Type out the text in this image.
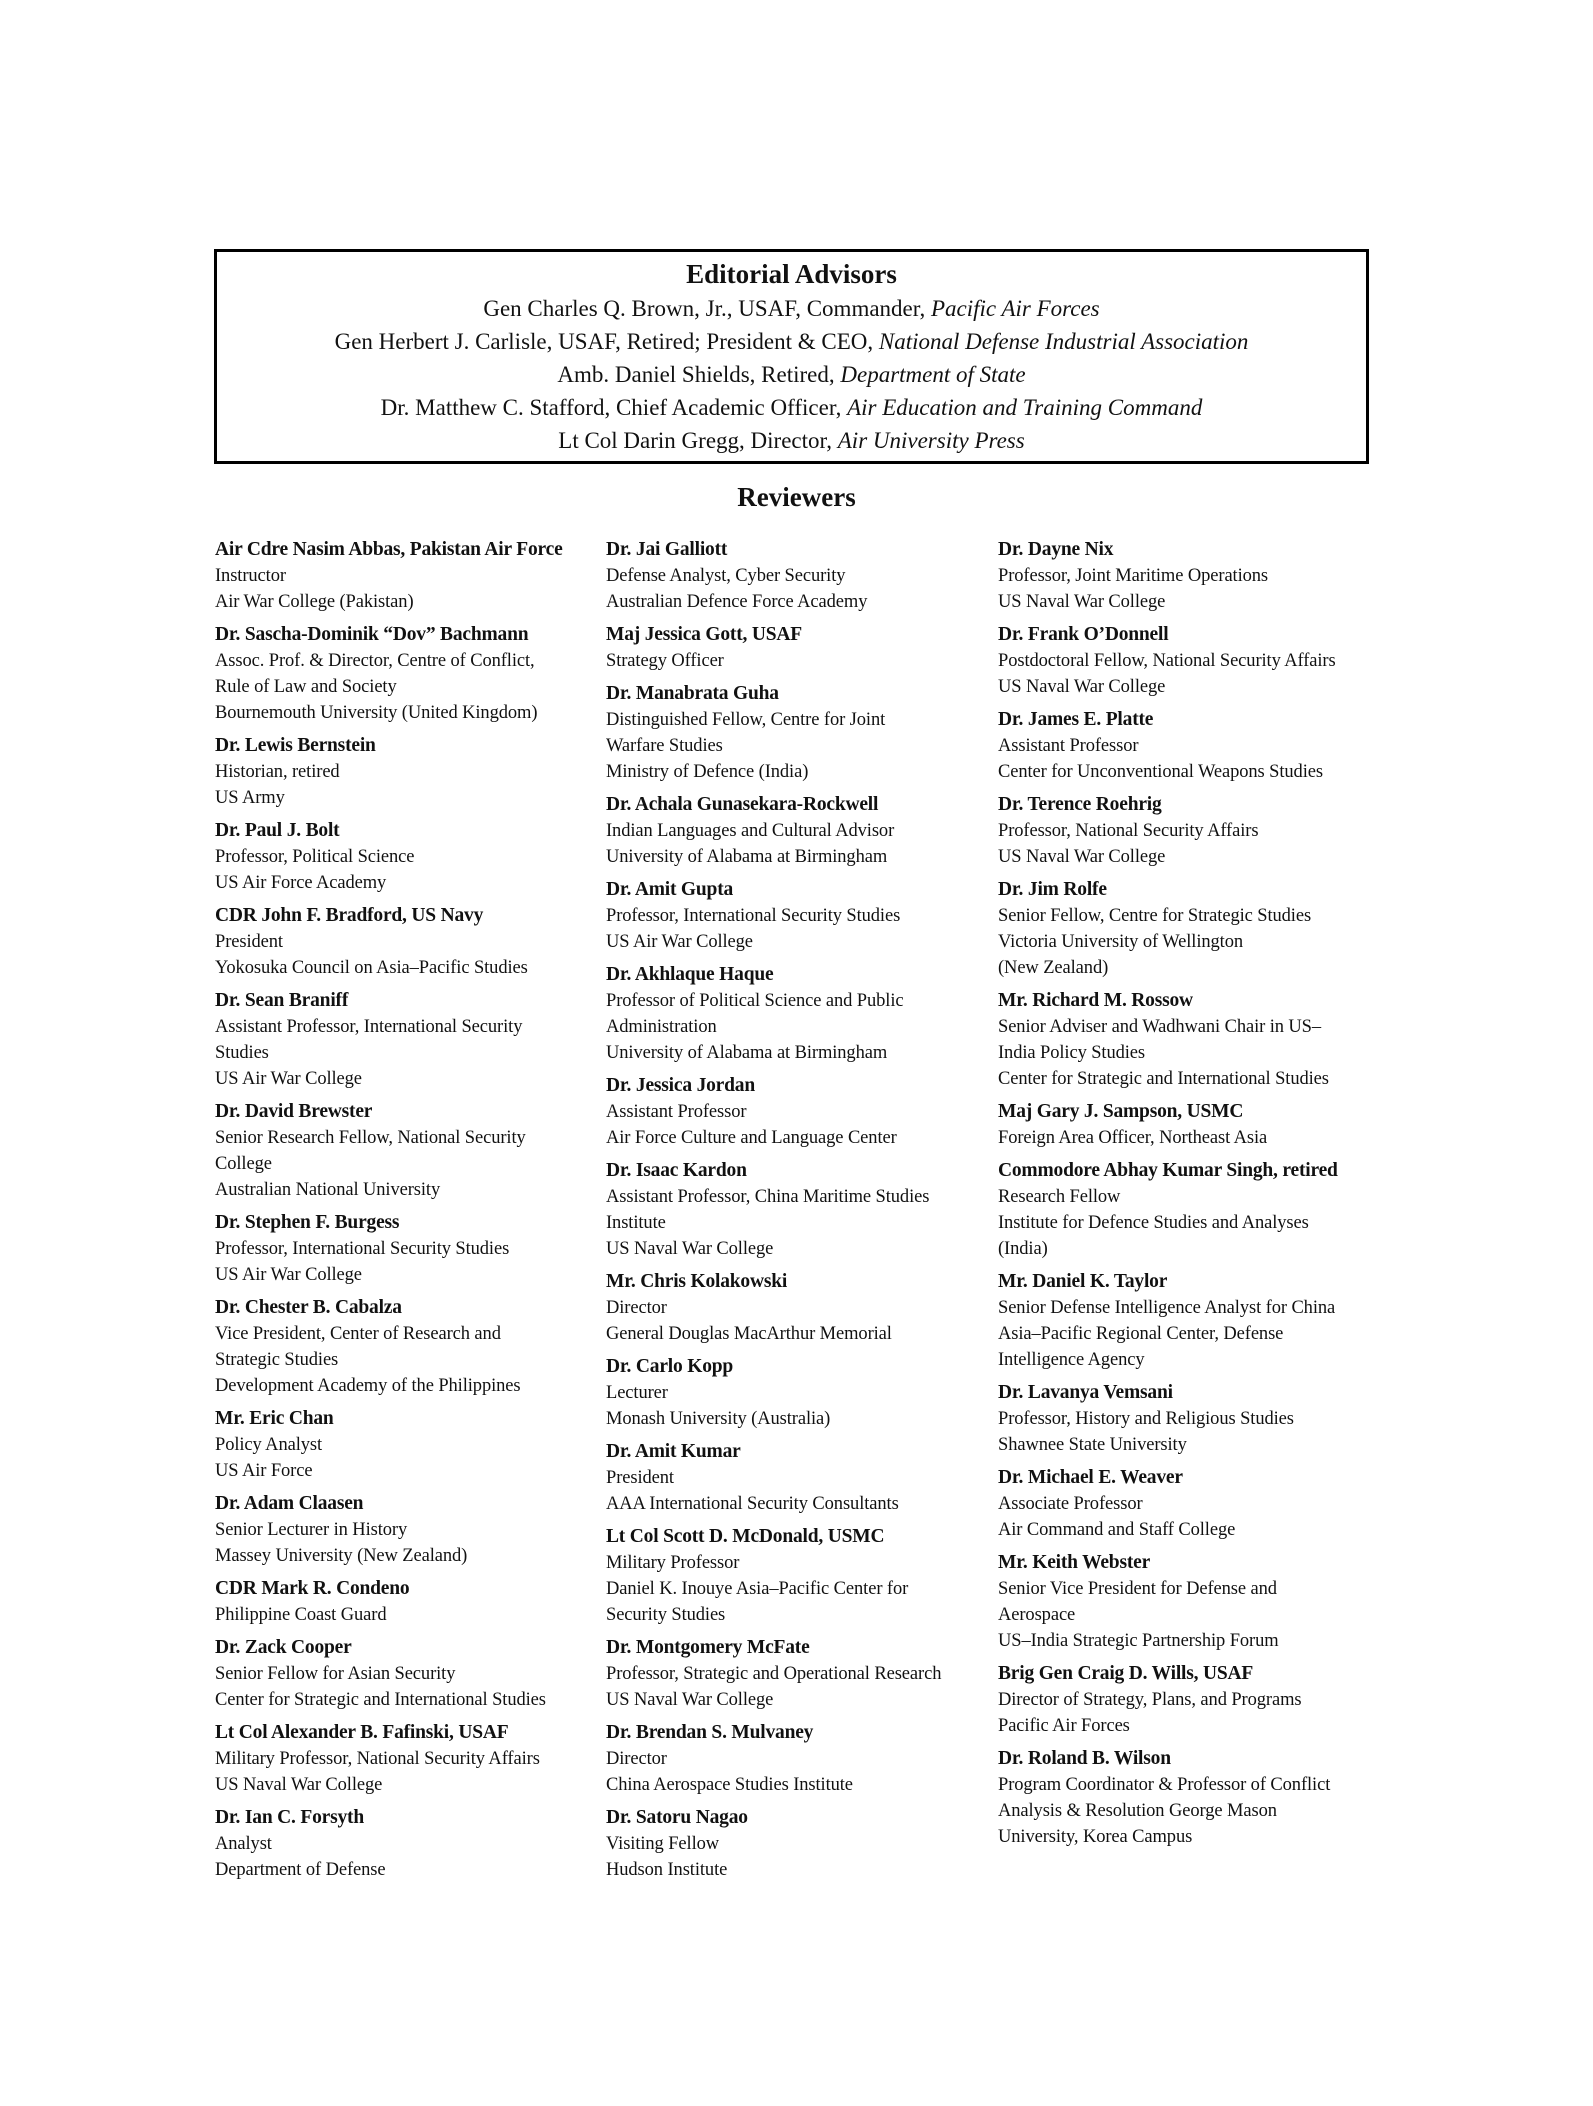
Editorial Advisors
Gen Charles Q. Brown, Jr., USAF, Commander, Pacific Air Forces
Gen Herbert J. Carlisle, USAF, Retired; President & CEO, National Defense Industrial Association
Amb. Daniel Shields, Retired, Department of State
Dr. Matthew C. Stafford, Chief Academic Officer, Air Education and Training Command
Lt Col Darin Gregg, Director, Air University Press
Reviewers
Air Cdre Nasim Abbas, Pakistan Air Force
Instructor
Air War College (Pakistan)
Dr. Sascha-Dominik “Dov” Bachmann
Assoc. Prof. & Director, Centre of Conflict,
Rule of Law and Society
Bournemouth University (United Kingdom)
Dr. Lewis Bernstein
Historian, retired
US Army
Dr. Paul J. Bolt
Professor, Political Science
US Air Force Academy
CDR John F. Bradford, US Navy
President
Yokosuka Council on Asia–Pacific Studies
Dr. Sean Braniff
Assistant Professor, International Security
Studies
US Air War College
Dr. David Brewster
Senior Research Fellow, National Security
College
Australian National University
Dr. Stephen F. Burgess
Professor, International Security Studies
US Air War College
Dr. Chester B. Cabalza
Vice President, Center of Research and
Strategic Studies
Development Academy of the Philippines
Mr. Eric Chan
Policy Analyst
US Air Force
Dr. Adam Claasen
Senior Lecturer in History
Massey University (New Zealand)
CDR Mark R. Condeno
Philippine Coast Guard
Dr. Zack Cooper
Senior Fellow for Asian Security
Center for Strategic and International Studies
Lt Col Alexander B. Fafinski, USAF
Military Professor, National Security Affairs
US Naval War College
Dr. Ian C. Forsyth
Analyst
Department of Defense
Dr. Jai Galliott
Defense Analyst, Cyber Security
Australian Defence Force Academy
Maj Jessica Gott, USAF
Strategy Officer
Dr. Manabrata Guha
Distinguished Fellow, Centre for Joint
Warfare Studies
Ministry of Defence (India)
Dr. Achala Gunasekara-Rockwell
Indian Languages and Cultural Advisor
University of Alabama at Birmingham
Dr. Amit Gupta
Professor, International Security Studies
US Air War College
Dr. Akhlaque Haque
Professor of Political Science and Public
Administration
University of Alabama at Birmingham
Dr. Jessica Jordan
Assistant Professor
Air Force Culture and Language Center
Dr. Isaac Kardon
Assistant Professor, China Maritime Studies
Institute
US Naval War College
Mr. Chris Kolakowski
Director
General Douglas MacArthur Memorial
Dr. Carlo Kopp
Lecturer
Monash University (Australia)
Dr. Amit Kumar
President
AAA International Security Consultants
Lt Col Scott D. McDonald, USMC
Military Professor
Daniel K. Inouye Asia–Pacific Center for
Security Studies
Dr. Montgomery McFate
Professor, Strategic and Operational Research
US Naval War College
Dr. Brendan S. Mulvaney
Director
China Aerospace Studies Institute
Dr. Satoru Nagao
Visiting Fellow
Hudson Institute
Dr. Dayne Nix
Professor, Joint Maritime Operations
US Naval War College
Dr. Frank O’Donnell
Postdoctoral Fellow, National Security Affairs
US Naval War College
Dr. James E. Platte
Assistant Professor
Center for Unconventional Weapons Studies
Dr. Terence Roehrig
Professor, National Security Affairs
US Naval War College
Dr. Jim Rolfe
Senior Fellow, Centre for Strategic Studies
Victoria University of Wellington
(New Zealand)
Mr. Richard M. Rossow
Senior Adviser and Wadhwani Chair in US–
India Policy Studies
Center for Strategic and International Studies
Maj Gary J. Sampson, USMC
Foreign Area Officer, Northeast Asia
Commodore Abhay Kumar Singh, retired
Research Fellow
Institute for Defence Studies and Analyses
(India)
Mr. Daniel K. Taylor
Senior Defense Intelligence Analyst for China
Asia–Pacific Regional Center, Defense
Intelligence Agency
Dr. Lavanya Vemsani
Professor, History and Religious Studies
Shawnee State University
Dr. Michael E. Weaver
Associate Professor
Air Command and Staff College
Mr. Keith Webster
Senior Vice President for Defense and
Aerospace
US–India Strategic Partnership Forum
Brig Gen Craig D. Wills, USAF
Director of Strategy, Plans, and Programs
Pacific Air Forces
Dr. Roland B. Wilson
Program Coordinator & Professor of Conflict
Analysis & Resolution George Mason
University, Korea Campus
